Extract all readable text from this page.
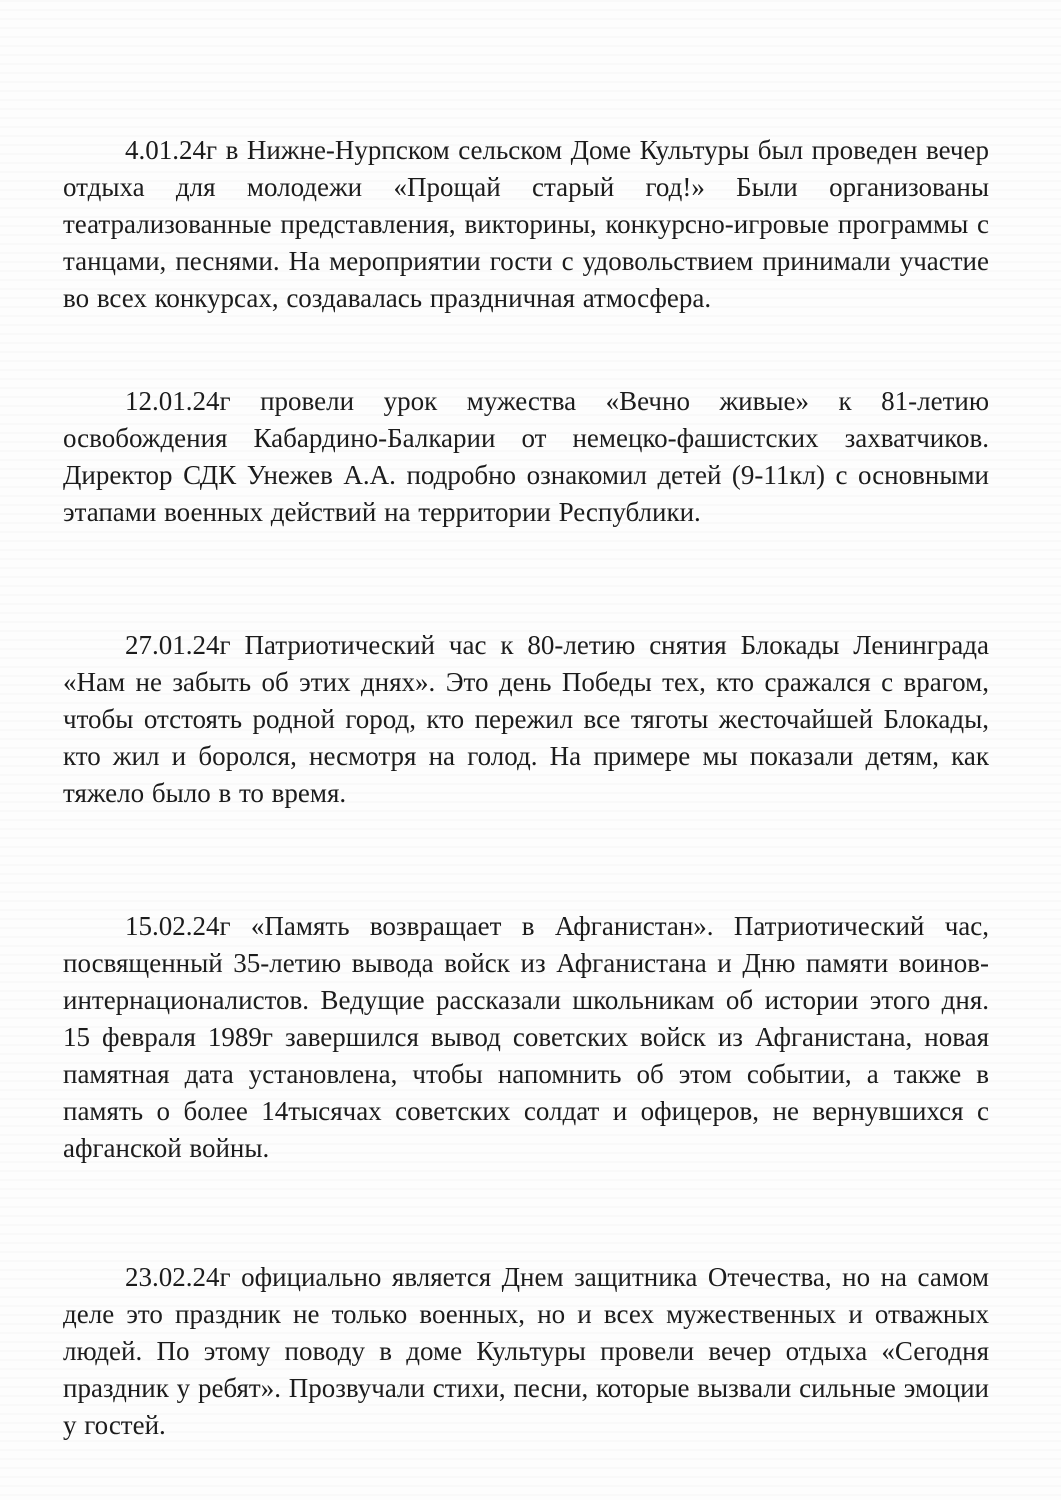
4.01.24г в Нижне-Нурпском сельском Доме Культуры был проведен вечер отдыха для молодежи «Прощай старый год!» Были организованы театрализованные представления, викторины, конкурсно-игровые программы с танцами, песнями. На мероприятии гости с удовольствием принимали участие во всех конкурсах, создавалась праздничная атмосфера.

12.01.24г провели урок мужества «Вечно живые» к 81-летию освобождения Кабардино-Балкарии от немецко-фашистских захватчиков. Директор СДК Унежев А.А. подробно ознакомил детей (9-11кл) с основными этапами военных действий на территории Республики.

27.01.24г Патриотический час к 80-летию снятия Блокады Ленинграда «Нам не забыть об этих днях». Это день Победы тех, кто сражался с врагом, чтобы отстоять родной город, кто пережил все тяготы жесточайшей Блокады, кто жил и боролся, несмотря на голод. На примере мы показали детям, как тяжело было в то время.

15.02.24г «Память возвращает в Афганистан». Патриотический час, посвященный 35-летию вывода войск из Афганистана и Дню памяти воинов-интернационалистов. Ведущие рассказали школьникам об истории этого дня. 15 февраля 1989г завершился вывод советских войск из Афганистана, новая памятная дата установлена, чтобы напомнить об этом событии, а также в память о более 14тысячах советских солдат и офицеров, не вернувшихся с афганской войны.

23.02.24г официально является Днем защитника Отечества, но на самом деле это праздник не только военных, но и всех мужественных и отважных людей. По этому поводу в доме Культуры провели вечер отдыха «Сегодня праздник у ребят». Прозвучали стихи, песни, которые вызвали сильные эмоции у гостей.
